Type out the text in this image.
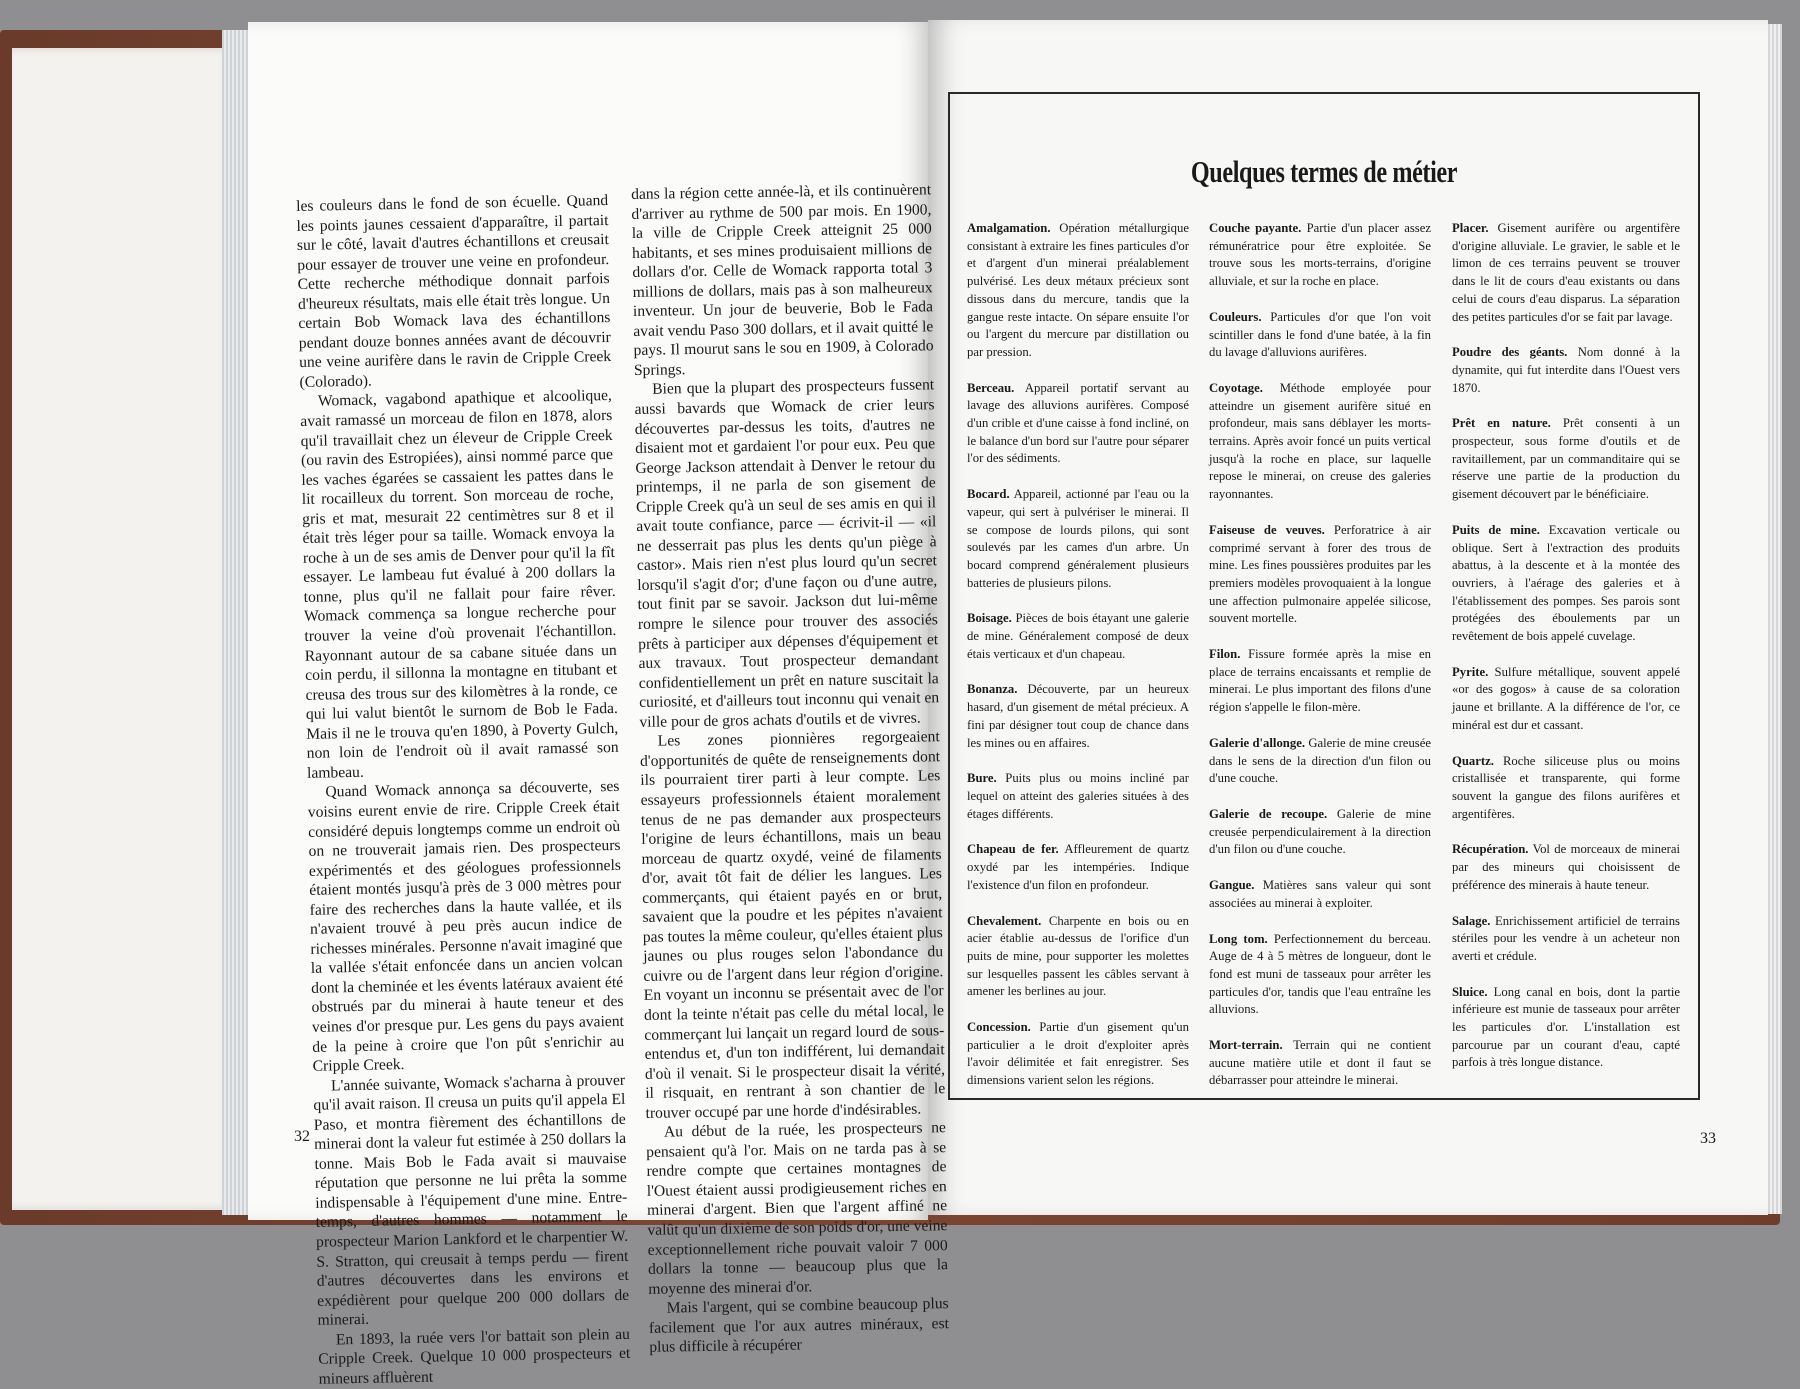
les couleurs dans le fond de son écuelle. Quand les points jaunes cessaient d'apparaître, il partait sur le côté, lavait d'autres échantillons et creusait pour essayer de trouver une veine en profondeur. Cette recherche méthodique donnait parfois d'heureux résultats, mais elle était très longue. Un certain Bob Womack lava des échantillons pendant douze bonnes années avant de découvrir une veine aurifère dans le ravin de Cripple Creek (Colorado).

Womack, vagabond apathique et alcoolique, avait ramassé un morceau de filon en 1878, alors qu'il travaillait chez un éleveur de Cripple Creek (ou ravin des Estropiées), ainsi nommé parce que les vaches égarées se cassaient les pattes dans le lit rocailleux du torrent. Son morceau de roche, gris et mat, mesurait 22 centimètres sur 8 et il était très léger pour sa taille. Womack envoya la roche à un de ses amis de Denver pour qu'il la fît essayer. Le lambeau fut évalué à 200 dollars la tonne, plus qu'il ne fallait pour faire rêver. Womack commença sa longue recherche pour trouver la veine d'où provenait l'échantillon. Rayonnant autour de sa cabane située dans un coin perdu, il sillonna la montagne en titubant et creusa des trous sur des kilomètres à la ronde, ce qui lui valut bientôt le surnom de Bob le Fada. Mais il ne le trouva qu'en 1890, à Poverty Gulch, non loin de l'endroit où il avait ramassé son lambeau.

Quand Womack annonça sa découverte, ses voisins eurent envie de rire. Cripple Creek était considéré depuis longtemps comme un endroit où on ne trouverait jamais rien. Des prospecteurs expérimentés et des géologues professionnels étaient montés jusqu'à près de 3 000 mètres pour faire des recherches dans la haute vallée, et ils n'avaient trouvé à peu près aucun indice de richesses minérales. Personne n'avait imaginé que la vallée s'était enfoncée dans un ancien volcan dont la cheminée et les évents latéraux avaient été obstrués par du minerai à haute teneur et des veines d'or presque pur. Les gens du pays avaient de la peine à croire que l'on pût s'enrichir au Cripple Creek.

L'année suivante, Womack s'acharna à prouver qu'il avait raison. Il creusa un puits qu'il appela El Paso, et montra fièrement des échantillons de minerai dont la valeur fut estimée à 250 dollars la tonne. Mais Bob le Fada avait si mauvaise réputation que personne ne lui prêta la somme indispensable à l'équipement d'une mine. Entre-temps, d'autres hommes — notamment le prospecteur Marion Lankford et le charpentier W. S. Stratton, qui creusait à temps perdu — firent d'autres découvertes dans les environs et expédièrent pour quelque 200 000 dollars de minerai.

En 1893, la ruée vers l'or battait son plein au Cripple Creek. Quelque 10 000 prospecteurs et mineurs affluèrent

dans la région cette année-là, et ils continuèrent d'arriver au rythme de 500 par mois. En 1900, la ville de Cripple Creek atteignit 25 000 habitants, et ses mines produisaient millions de dollars d'or. Celle de Womack rapporta total 3 millions de dollars, mais pas à son malheureux inventeur. Un jour de beuverie, Bob le Fada avait vendu Paso 300 dollars, et il avait quitté le pays. Il mourut sans le sou en 1909, à Colorado Springs.

Bien que la plupart des prospecteurs fussent aussi bavards que Womack de crier leurs découvertes par-dessus les toits, d'autres ne disaient mot et gardaient l'or pour eux. Peu que George Jackson attendait à Denver le retour du printemps, il ne parla de son gisement de Cripple Creek qu'à un seul de ses amis en qui il avait toute confiance, parce — écrivit-il — «il ne desserrait pas plus les dents qu'un piège à castor». Mais rien n'est plus lourd qu'un secret lorsqu'il s'agit d'or; d'une façon ou d'une autre, tout finit par se savoir. Jackson dut lui-même rompre le silence pour trouver des associés prêts à participer aux dépenses d'équipement et aux travaux. Tout prospecteur demandant confidentiellement un prêt en nature suscitait la curiosité, et d'ailleurs tout inconnu qui venait en ville pour de gros achats d'outils et de vivres.

Les zones pionnières regorgeaient d'opportunités de quête de renseignements dont ils pourraient tirer parti à leur compte. Les essayeurs professionnels étaient moralement tenus de ne pas demander aux prospecteurs l'origine de leurs échantillons, mais un beau morceau de quartz oxydé, veiné de filaments d'or, avait tôt fait de délier les langues. Les commerçants, qui étaient payés en or brut, savaient que la poudre et les pépites n'avaient pas toutes la même couleur, qu'elles étaient plus jaunes ou plus rouges selon l'abondance du cuivre ou de l'argent dans leur région d'origine. En voyant un inconnu se présentait avec de l'or dont la teinte n'était pas celle du métal local, le commerçant lui lançait un regard lourd de sous-entendus et, d'un ton indifférent, lui demandait d'où il venait. Si le prospecteur disait la vérité, il risquait, en rentrant à son chantier de le trouver occupé par une horde d'indésirables.

Au début de la ruée, les prospecteurs ne pensaient qu'à l'or. Mais on ne tarda pas à se rendre compte que certaines montagnes de l'Ouest étaient aussi prodigieusement riches en minerai d'argent. Bien que l'argent affiné ne valût qu'un dixième de son poids d'or, une veine exceptionnellement riche pouvait valoir 7 000 dollars la tonne — beaucoup plus que la moyenne des minerai d'or.

Mais l'argent, qui se combine beaucoup plus facilement que l'or aux autres minéraux, est plus difficile à récupérer

32
Quelques termes de métier

Amalgamation. Opération métallurgique consistant à extraire les fines particules d'or et d'argent d'un minerai préalablement pulvérisé. Les deux métaux précieux sont dissous dans du mercure, tandis que la gangue reste intacte. On sépare ensuite l'or ou l'argent du mercure par distillation ou par pression.

Berceau. Appareil portatif servant au lavage des alluvions aurifères. Composé d'un crible et d'une caisse à fond incliné, on le balance d'un bord sur l'autre pour séparer l'or des sédiments.

Bocard. Appareil, actionné par l'eau ou la vapeur, qui sert à pulvériser le minerai. Il se compose de lourds pilons, qui sont soulevés par les cames d'un arbre. Un bocard comprend généralement plusieurs batteries de plusieurs pilons.

Boisage. Pièces de bois étayant une galerie de mine. Généralement composé de deux étais verticaux et d'un chapeau.

Bonanza. Découverte, par un heureux hasard, d'un gisement de métal précieux. A fini par désigner tout coup de chance dans les mines ou en affaires.

Bure. Puits plus ou moins incliné par lequel on atteint des galeries situées à des étages différents.

Chapeau de fer. Affleurement de quartz oxydé par les intempéries. Indique l'existence d'un filon en profondeur.

Chevalement. Charpente en bois ou en acier établie au-dessus de l'orifice d'un puits de mine, pour supporter les molettes sur lesquelles passent les câbles servant à amener les berlines au jour.

Concession. Partie d'un gisement qu'un particulier a le droit d'exploiter après l'avoir délimitée et fait enregistrer. Ses dimensions varient selon les régions.

Couche payante. Partie d'un placer assez rémunératrice pour être exploitée. Se trouve sous les morts-terrains, d'origine alluviale, et sur la roche en place.

Couleurs. Particules d'or que l'on voit scintiller dans le fond d'une batée, à la fin du lavage d'alluvions aurifères.

Coyotage. Méthode employée pour atteindre un gisement aurifère situé en profondeur, mais sans déblayer les morts-terrains. Après avoir foncé un puits vertical jusqu'à la roche en place, sur laquelle repose le minerai, on creuse des galeries rayonnantes.

Faiseuse de veuves. Perforatrice à air comprimé servant à forer des trous de mine. Les fines poussières produites par les premiers modèles provoquaient à la longue une affection pulmonaire appelée silicose, souvent mortelle.

Filon. Fissure formée après la mise en place de terrains encaissants et remplie de minerai. Le plus important des filons d'une région s'appelle le filon-mère.

Galerie d'allonge. Galerie de mine creusée dans le sens de la direction d'un filon ou d'une couche.

Galerie de recoupe. Galerie de mine creusée perpendiculairement à la direction d'un filon ou d'une couche.

Gangue. Matières sans valeur qui sont associées au minerai à exploiter.

Long tom. Perfectionnement du berceau. Auge de 4 à 5 mètres de longueur, dont le fond est muni de tasseaux pour arrêter les particules d'or, tandis que l'eau entraîne les alluvions.

Mort-terrain. Terrain qui ne contient aucune matière utile et dont il faut se débarrasser pour atteindre le minerai.

Placer. Gisement aurifère ou argentifère d'origine alluviale. Le gravier, le sable et le limon de ces terrains peuvent se trouver dans le lit de cours d'eau existants ou dans celui de cours d'eau disparus. La séparation des petites particules d'or se fait par lavage.

Poudre des géants. Nom donné à la dynamite, qui fut interdite dans l'Ouest vers 1870.

Prêt en nature. Prêt consenti à un prospecteur, sous forme d'outils et de ravitaillement, par un commanditaire qui se réserve une partie de la production du gisement découvert par le bénéficiaire.

Puits de mine. Excavation verticale ou oblique. Sert à l'extraction des produits abattus, à la descente et à la montée des ouvriers, à l'aérage des galeries et à l'établissement des pompes. Ses parois sont protégées des éboulements par un revêtement de bois appelé cuvelage.

Pyrite. Sulfure métallique, souvent appelé «or des gogos» à cause de sa coloration jaune et brillante. A la différence de l'or, ce minéral est dur et cassant.

Quartz. Roche siliceuse plus ou moins cristallisée et transparente, qui forme souvent la gangue des filons aurifères et argentifères.

Récupération. Vol de morceaux de minerai par des mineurs qui choisissent de préférence des minerais à haute teneur.

Salage. Enrichissement artificiel de terrains stériles pour les vendre à un acheteur non averti et crédule.

Sluice. Long canal en bois, dont la partie inférieure est munie de tasseaux pour arrêter les particules d'or. L'installation est parcourue par un courant d'eau, capté parfois à très longue distance.

33
